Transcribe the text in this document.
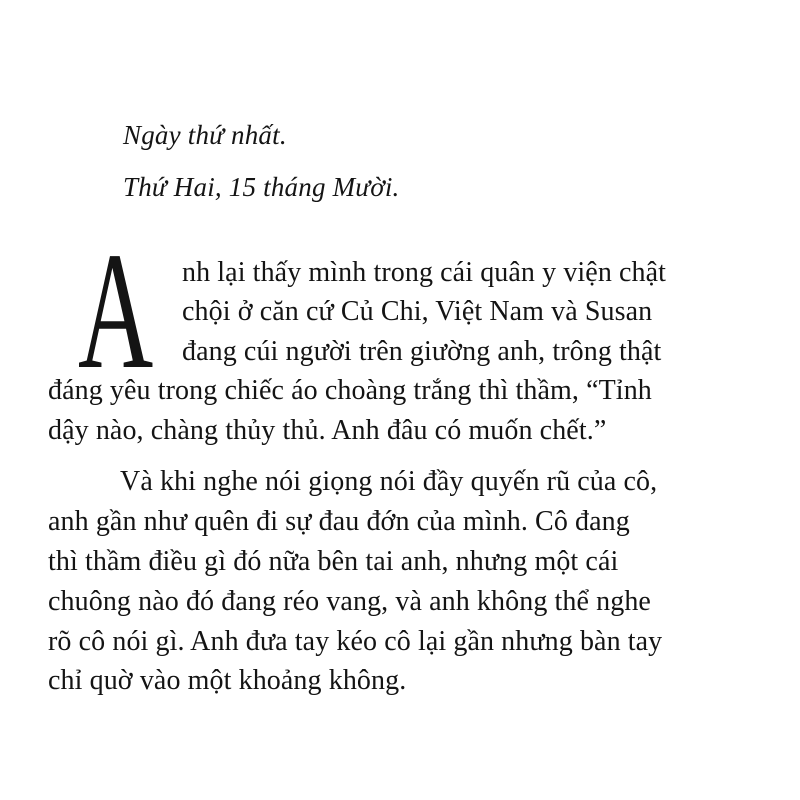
Ngày thứ nhất.
Thứ Hai, 15 tháng Mười.
A nh lại thấy mình trong cái quân y viện chật
chội ở căn cứ Củ Chi, Việt Nam và Susan
đang cúi người trên giường anh, trông thật
đáng yêu trong chiếc áo choàng trắng thì thầm, “Tỉnh
dậy nào, chàng thủy thủ. Anh đâu có muốn chết.”
Và khi nghe nói giọng nói đầy quyến rũ của cô,
anh gần như quên đi sự đau đớn của mình. Cô đang
thì thầm điều gì đó nữa bên tai anh, nhưng một cái
chuông nào đó đang réo vang, và anh không thể nghe
rõ cô nói gì. Anh đưa tay kéo cô lại gần nhưng bàn tay
chỉ quờ vào một khoảng không.
